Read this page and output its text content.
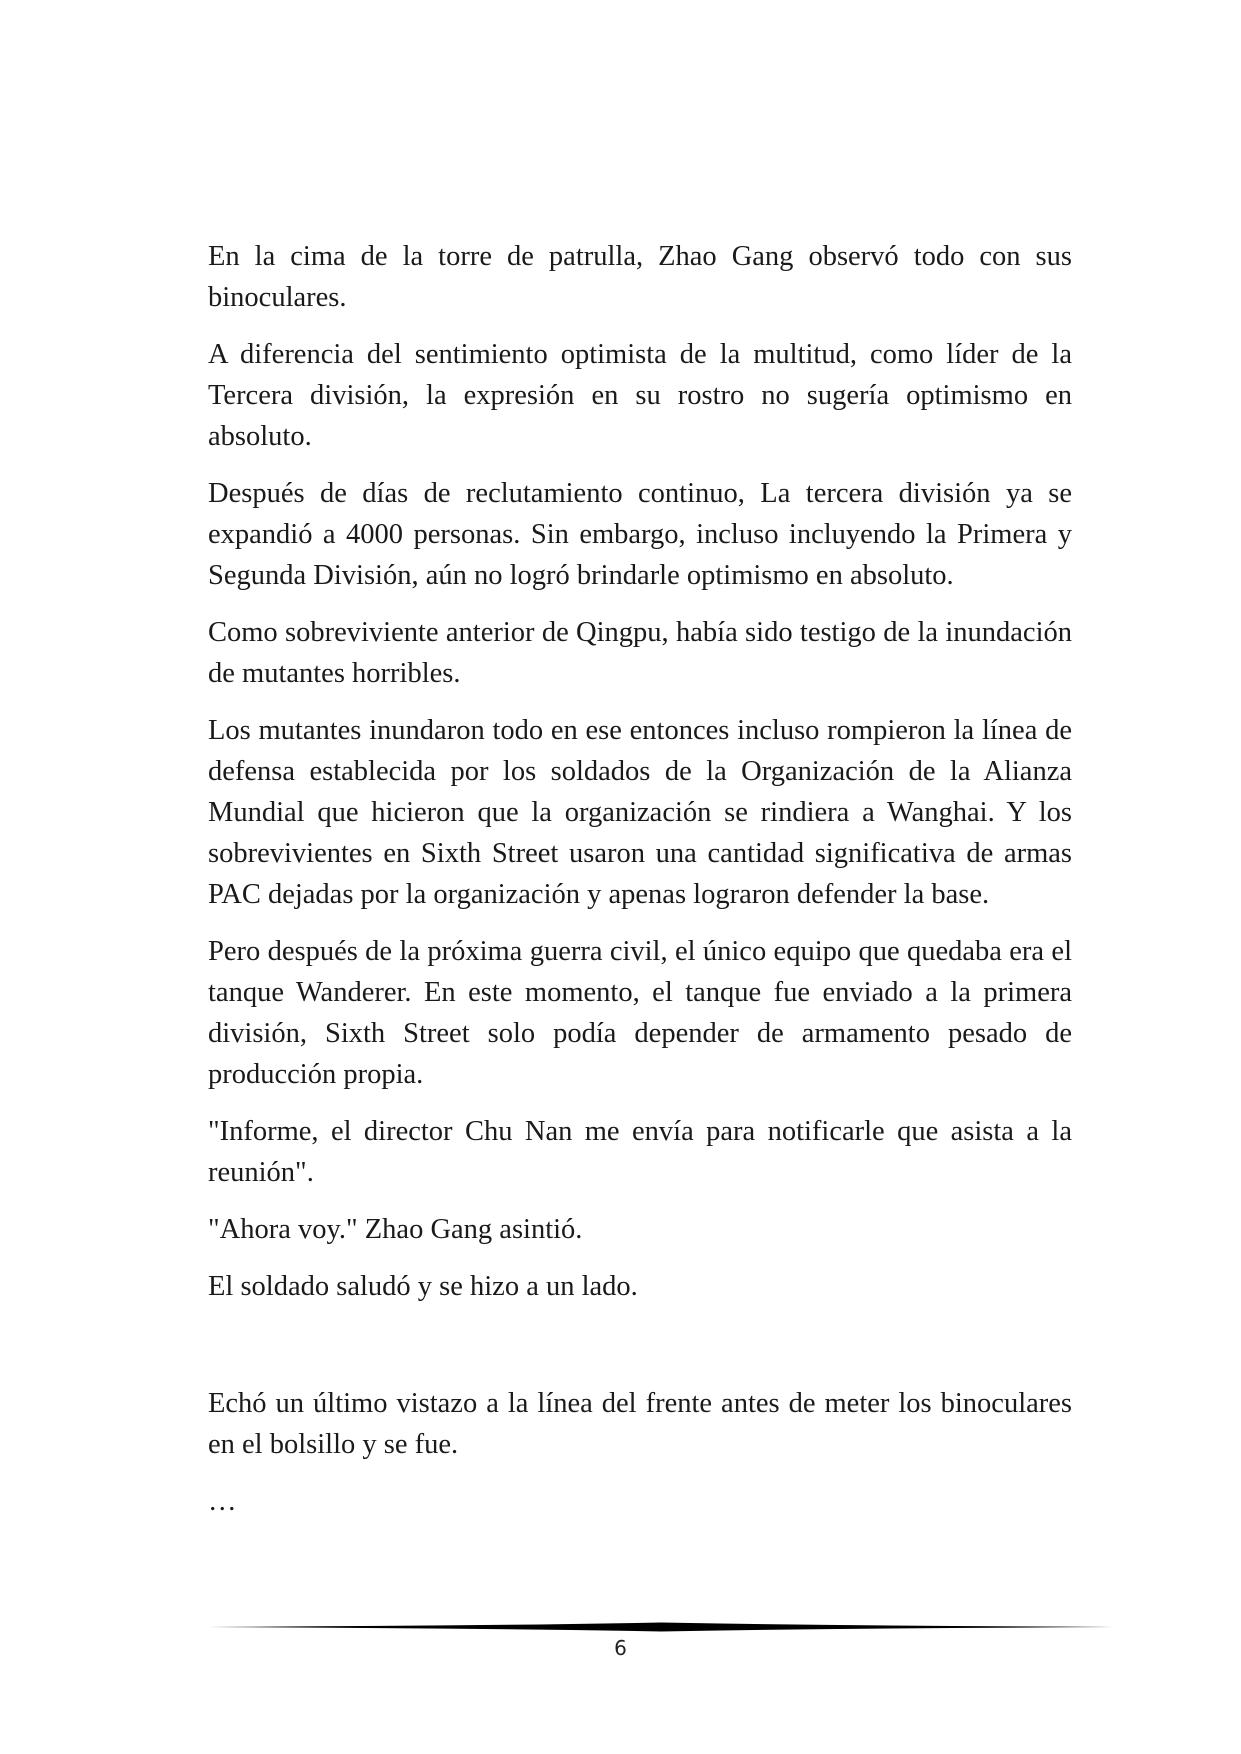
En la cima de la torre de patrulla, Zhao Gang observó todo con sus binoculares.

A diferencia del sentimiento optimista de la multitud, como líder de la Tercera división, la expresión en su rostro no sugería optimismo en absoluto.

Después de días de reclutamiento continuo, La tercera división ya se expandió a 4000 personas. Sin embargo, incluso incluyendo la Primera y Segunda División, aún no logró brindarle optimismo en absoluto.

Como sobreviviente anterior de Qingpu, había sido testigo de la inundación de mutantes horribles.

Los mutantes inundaron todo en ese entonces incluso rompieron la línea de defensa establecida por los soldados de la Organización de la Alianza Mundial que hicieron que la organización se rindiera a Wanghai. Y los sobrevivientes en Sixth Street usaron una cantidad significativa de armas PAC dejadas por la organización y apenas lograron defender la base.

Pero después de la próxima guerra civil, el único equipo que quedaba era el tanque Wanderer. En este momento, el tanque fue enviado a la primera división, Sixth Street solo podía depender de armamento pesado de producción propia.

"Informe, el director Chu Nan me envía para notificarle que asista a la reunión".

"Ahora voy." Zhao Gang asintió.

El soldado saludó y se hizo a un lado.

Echó un último vistazo a la línea del frente antes de meter los binoculares en el bolsillo y se fue.

…

6
